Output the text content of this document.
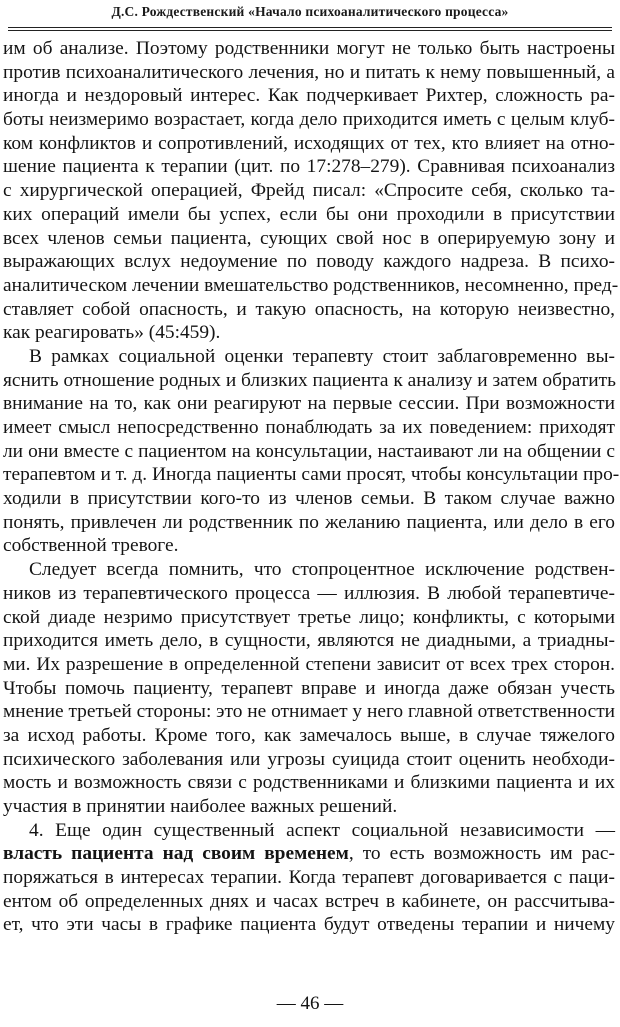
Д.С. Рождественский «Начало психоаналитического процесса»
им об анализе. Поэтому родственники могут не только быть настроены
против психоаналитического лечения, но и питать к нему повышенный, а
иногда и нездоровый интерес. Как подчеркивает Рихтер, сложность ра-
боты неизмеримо возрастает, когда дело приходится иметь с целым клуб-
ком конфликтов и сопротивлений, исходящих от тех, кто влияет на отно-
шение пациента к терапии (цит. по 17:278–279). Сравнивая психоанализ
с хирургической операцией, Фрейд писал: «Спросите себя, сколько та-
ких операций имели бы успех, если бы они проходили в присутствии
всех членов семьи пациента, сующих свой нос в оперируемую зону и
выражающих вслух недоумение по поводу каждого надреза. В психо-
аналитическом лечении вмешательство родственников, несомненно, пред-
ставляет собой опасность, и такую опасность, на которую неизвестно,
как реагировать» (45:459).
В рамках социальной оценки терапевту стоит заблаговременно вы-
яснить отношение родных и близких пациента к анализу и затем обратить
внимание на то, как они реагируют на первые сессии. При возможности
имеет смысл непосредственно понаблюдать за их поведением: приходят
ли они вместе с пациентом на консультации, настаивают ли на общении с
терапевтом и т. д. Иногда пациенты сами просят, чтобы консультации про-
ходили в присутствии кого-то из членов семьи. В таком случае важно
понять, привлечен ли родственник по желанию пациента, или дело в его
собственной тревоге.
Следует всегда помнить, что стопроцентное исключение родствен-
ников из терапевтического процесса — иллюзия. В любой терапевтиче-
ской диаде незримо присутствует третье лицо; конфликты, с которыми
приходится иметь дело, в сущности, являются не диадными, а триадны-
ми. Их разрешение в определенной степени зависит от всех трех сторон.
Чтобы помочь пациенту, терапевт вправе и иногда даже обязан учесть
мнение третьей стороны: это не отнимает у него главной ответственности
за исход работы. Кроме того, как замечалось выше, в случае тяжелого
психического заболевания или угрозы суицида стоит оценить необходи-
мость и возможность связи с родственниками и близкими пациента и их
участия в принятии наиболее важных решений.
4. Еще один существенный аспект социальной независимости —
власть пациента над своим временем, то есть возможность им рас-
поряжаться в интересах терапии. Когда терапевт договаривается с паци-
ентом об определенных днях и часах встреч в кабинете, он рассчитыва-
ет, что эти часы в графике пациента будут отведены терапии и ничему
— 46 —
